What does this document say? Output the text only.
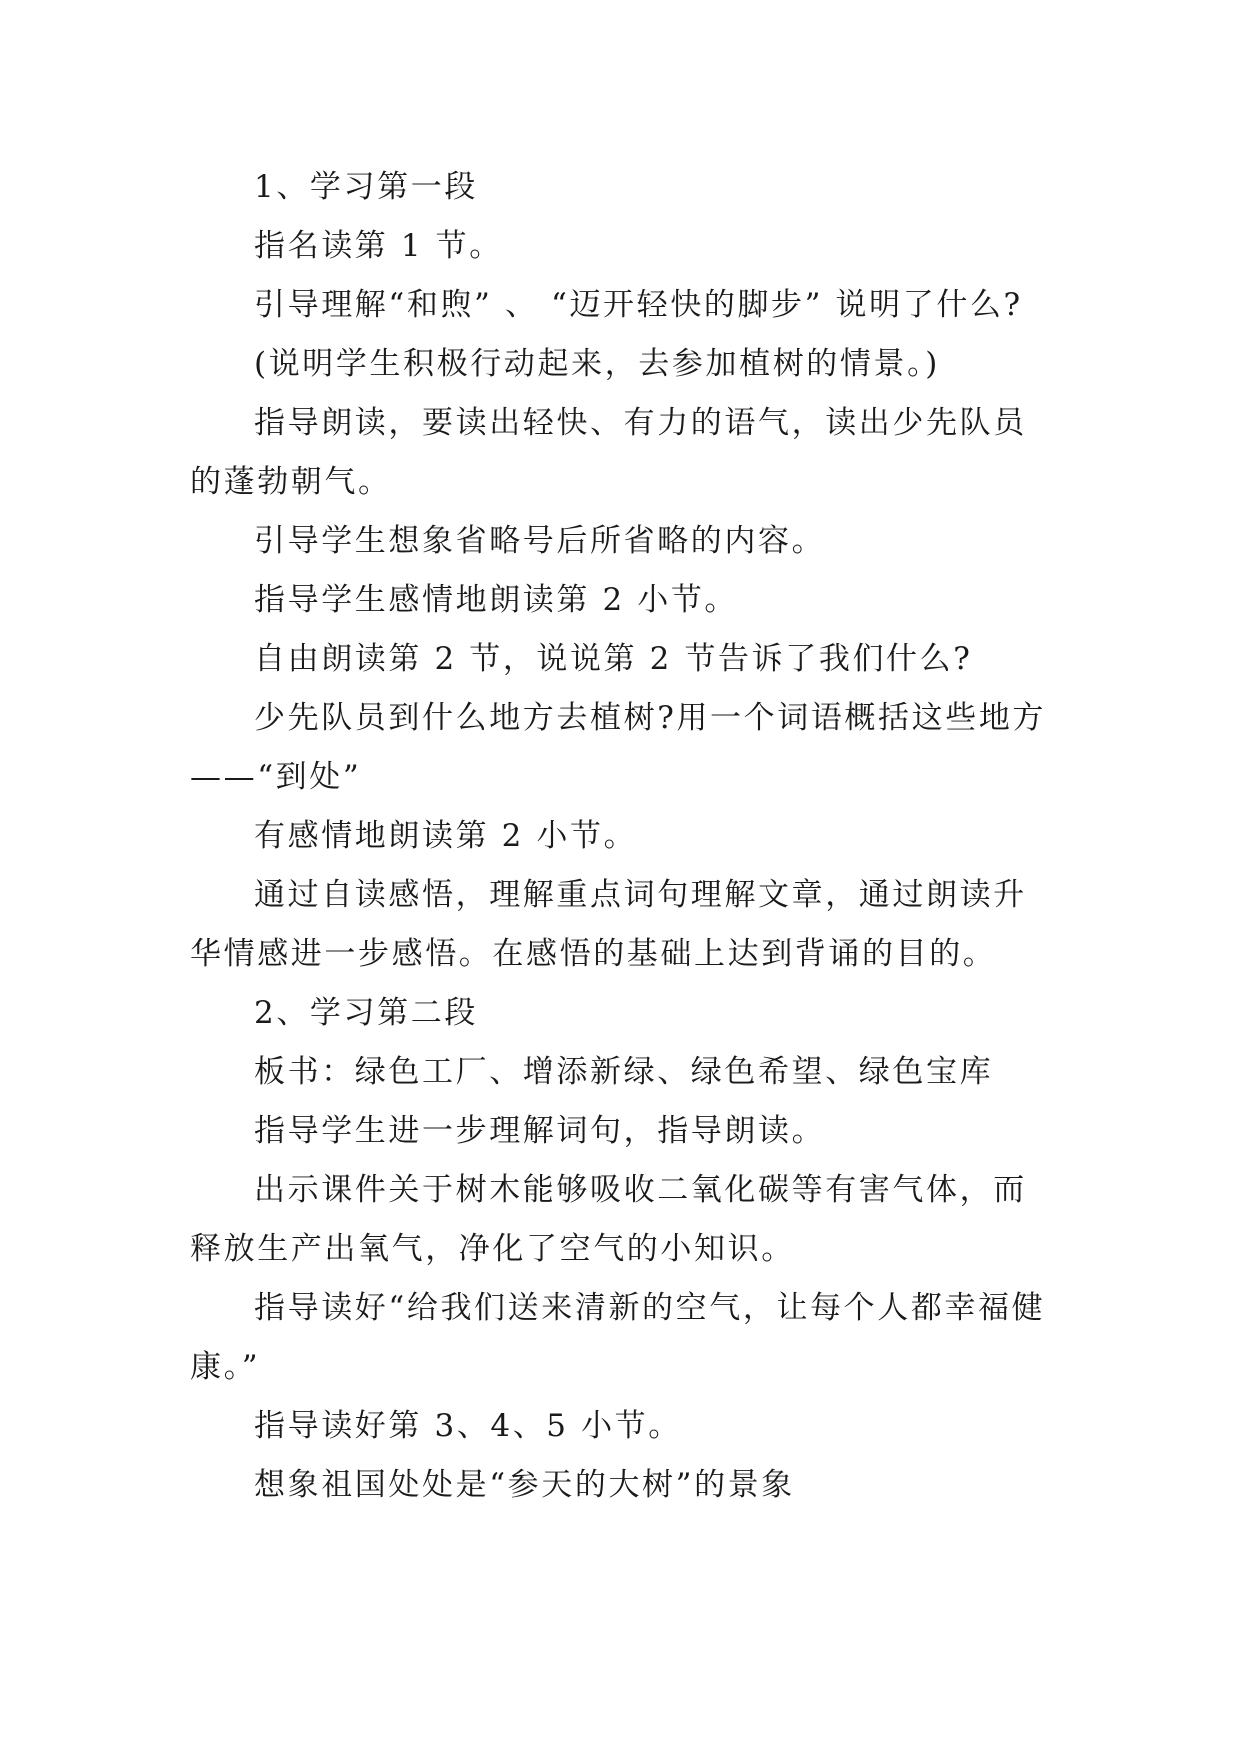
1、学习第一段

指名读第 1 节。

引导理解“和煦” 、 “迈开轻快的脚步” 说明了什么?

(说明学生积极行动起来，去参加植树的情景。)

指导朗读，要读出轻快、有力的语气，读出少先队员的蓬勃朝气。

引导学生想象省略号后所省略的内容。

指导学生感情地朗读第 2 小节。

自由朗读第 2 节，说说第 2 节告诉了我们什么?

少先队员到什么地方去植树?用一个词语概括这些地方——“到处”

有感情地朗读第 2 小节。

通过自读感悟，理解重点词句理解文章，通过朗读升华情感进一步感悟。在感悟的基础上达到背诵的目的。

2、学习第二段

板书：绿色工厂、增添新绿、绿色希望、绿色宝库

指导学生进一步理解词句，指导朗读。

出示课件关于树木能够吸收二氧化碳等有害气体，而释放生产出氧气，净化了空气的小知识。

指导读好“给我们送来清新的空气，让每个人都幸福健康。”

指导读好第 3、4、5 小节。

想象祖国处处是“参天的大树”的景象
